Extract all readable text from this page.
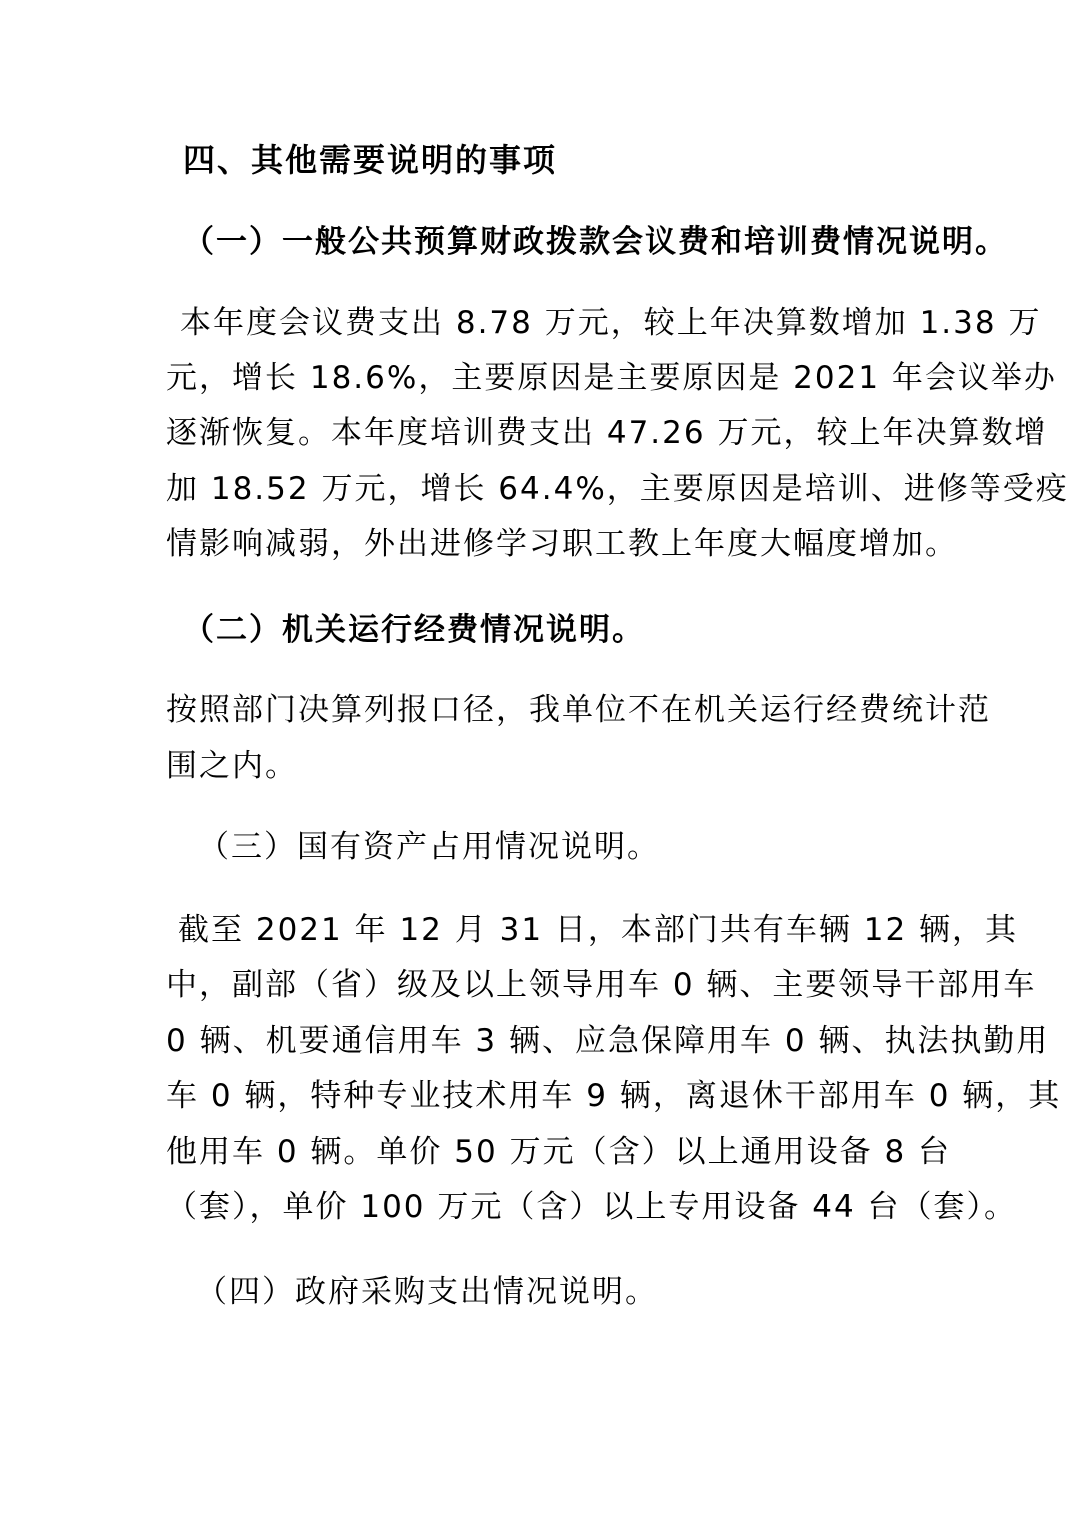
四、其他需要说明的事项
（一）一般公共预算财政拨款会议费和培训费情况说明。
本年度会议费支出 8.78 万元，较上年决算数增加 1.38 万
元，增长 18.6%，主要原因是主要原因是 2021 年会议举办
逐渐恢复。本年度培训费支出 47.26 万元，较上年决算数增
加 18.52 万元，增长 64.4%，主要原因是培训、进修等受疫
情影响减弱，外出进修学习职工教上年度大幅度增加。
（二）机关运行经费情况说明。
按照部门决算列报口径，我单位不在机关运行经费统计范
围之内。
（三）国有资产占用情况说明。
截至 2021 年 12 月 31 日，本部门共有车辆 12 辆，其
中，副部（省）级及以上领导用车 0 辆、主要领导干部用车
0 辆、机要通信用车 3 辆、应急保障用车 0 辆、执法执勤用
车 0 辆，特种专业技术用车 9 辆，离退休干部用车 0 辆，其
他用车 0 辆。单价 50 万元（含）以上通用设备 8 台
（套），单价 100 万元（含）以上专用设备 44 台（套）。
（四）政府采购支出情况说明。
